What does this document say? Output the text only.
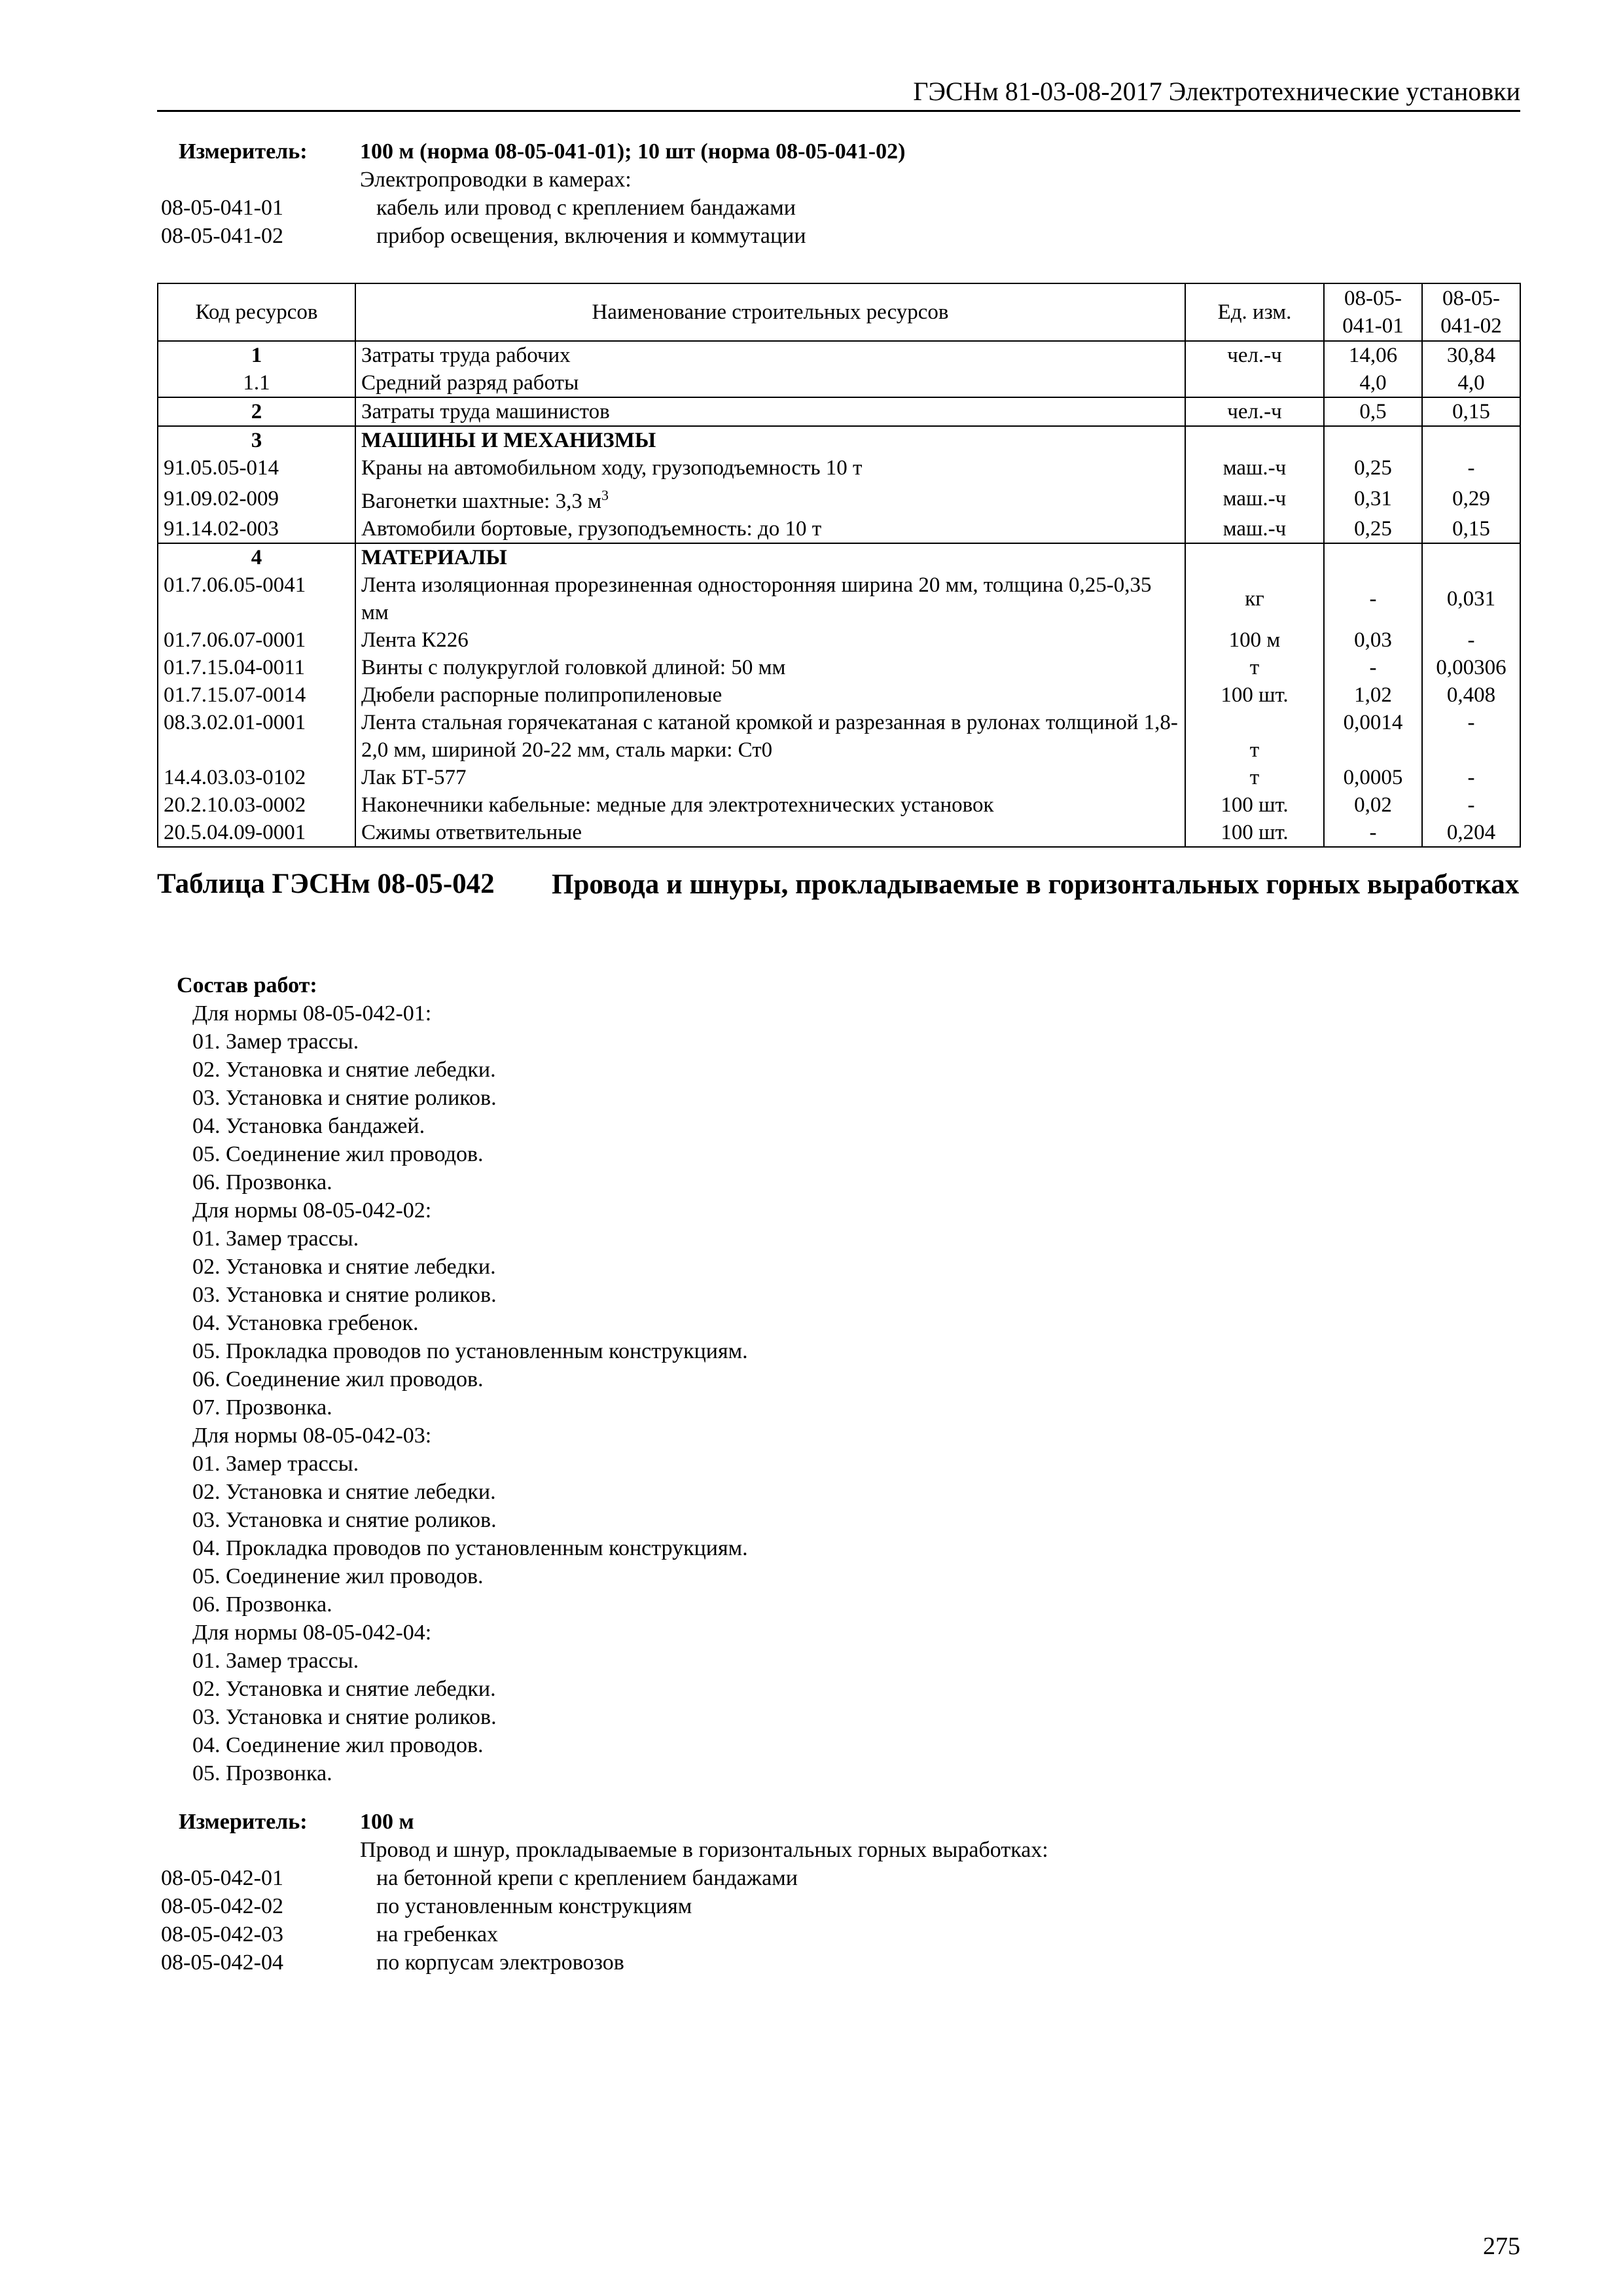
ГЭСНм 81-03-08-2017 Электротехнические установки
Измеритель: 100 м (норма 08-05-041-01); 10 шт (норма 08-05-041-02)
Электропроводки в камерах:
08-05-041-01	кабель или провод с креплением бандажами
08-05-041-02	прибор освещения, включения и коммутации
Код ресурсов	Наименование строительных ресурсов	Ед. изм.	08-05-041-01	08-05-041-02
1	Затраты труда рабочих	чел.-ч	14,06	30,84
1.1	Средний разряд работы		4,0	4,0
2	Затраты труда машинистов	чел.-ч	0,5	0,15
3	МАШИНЫ И МЕХАНИЗМЫ			
91.05.05-014	Краны на автомобильном ходу, грузоподъемность 10 т	маш.-ч	0,25	-
91.09.02-009	Вагонетки шахтные: 3,3 $м^3$	маш.-ч	0,31	0,29
91.14.02-003	Автомобили бортовые, грузоподъемность: до 10 т	маш.-ч	0,25	0,15
4	МАТЕРИАЛЫ			
01.7.06.05-0041	Лента изоляционная прорезиненная односторонняя ширина 20 мм, толщина 0,25-0,35 мм	кг	-	0,031
01.7.06.07-0001	Лента К226	100 м	0,03	-
01.7.15.04-0011	Винты с полукруглой головкой длиной: 50 мм	т	-	0,00306
01.7.15.07-0014	Дюбели распорные полипропиленовые	100 шт.	1,02	0,408
08.3.02.01-0001	Лента стальная горячекатаная с катаной кромкой и разрезанная в рулонах толщиной 1,8-2,0 мм, шириной 20-22 мм, сталь марки: Ст0	т	0,0014	-
14.4.03.03-0102	Лак БТ-577	т	0,0005	-
20.2.10.03-0002	Наконечники кабельные: медные для электротехнических установок	100 шт.	0,02	-
20.5.04.09-0001	Сжимы ответвительные	100 шт.	-	0,204
Таблица ГЭСНм 08-05-042 Провода и шнуры, прокладываемые в горизонтальных горных выработках
Состав работ:
Для нормы 08-05-042-01:
01. Замер трассы.
02. Установка и снятие лебедки.
03. Установка и снятие роликов.
04. Установка бандажей.
05. Соединение жил проводов.
06. Прозвонка.
Для нормы 08-05-042-02:
01. Замер трассы.
02. Установка и снятие лебедки.
03. Установка и снятие роликов.
04. Установка гребенок.
05. Прокладка проводов по установленным конструкциям.
06. Соединение жил проводов.
07. Прозвонка.
Для нормы 08-05-042-03:
01. Замер трассы.
02. Установка и снятие лебедки.
03. Установка и снятие роликов.
04. Прокладка проводов по установленным конструкциям.
05. Соединение жил проводов.
06. Прозвонка.
Для нормы 08-05-042-04:
01. Замер трассы.
02. Установка и снятие лебедки.
03. Установка и снятие роликов.
04. Соединение жил проводов.
05. Прозвонка.
Измеритель: 100 м
Провод и шнур, прокладываемые в горизонтальных горных выработках:
08-05-042-01	на бетонной крепи с креплением бандажами
08-05-042-02	по установленным конструкциям
08-05-042-03	на гребенках
08-05-042-04	по корпусам электровозов
275
